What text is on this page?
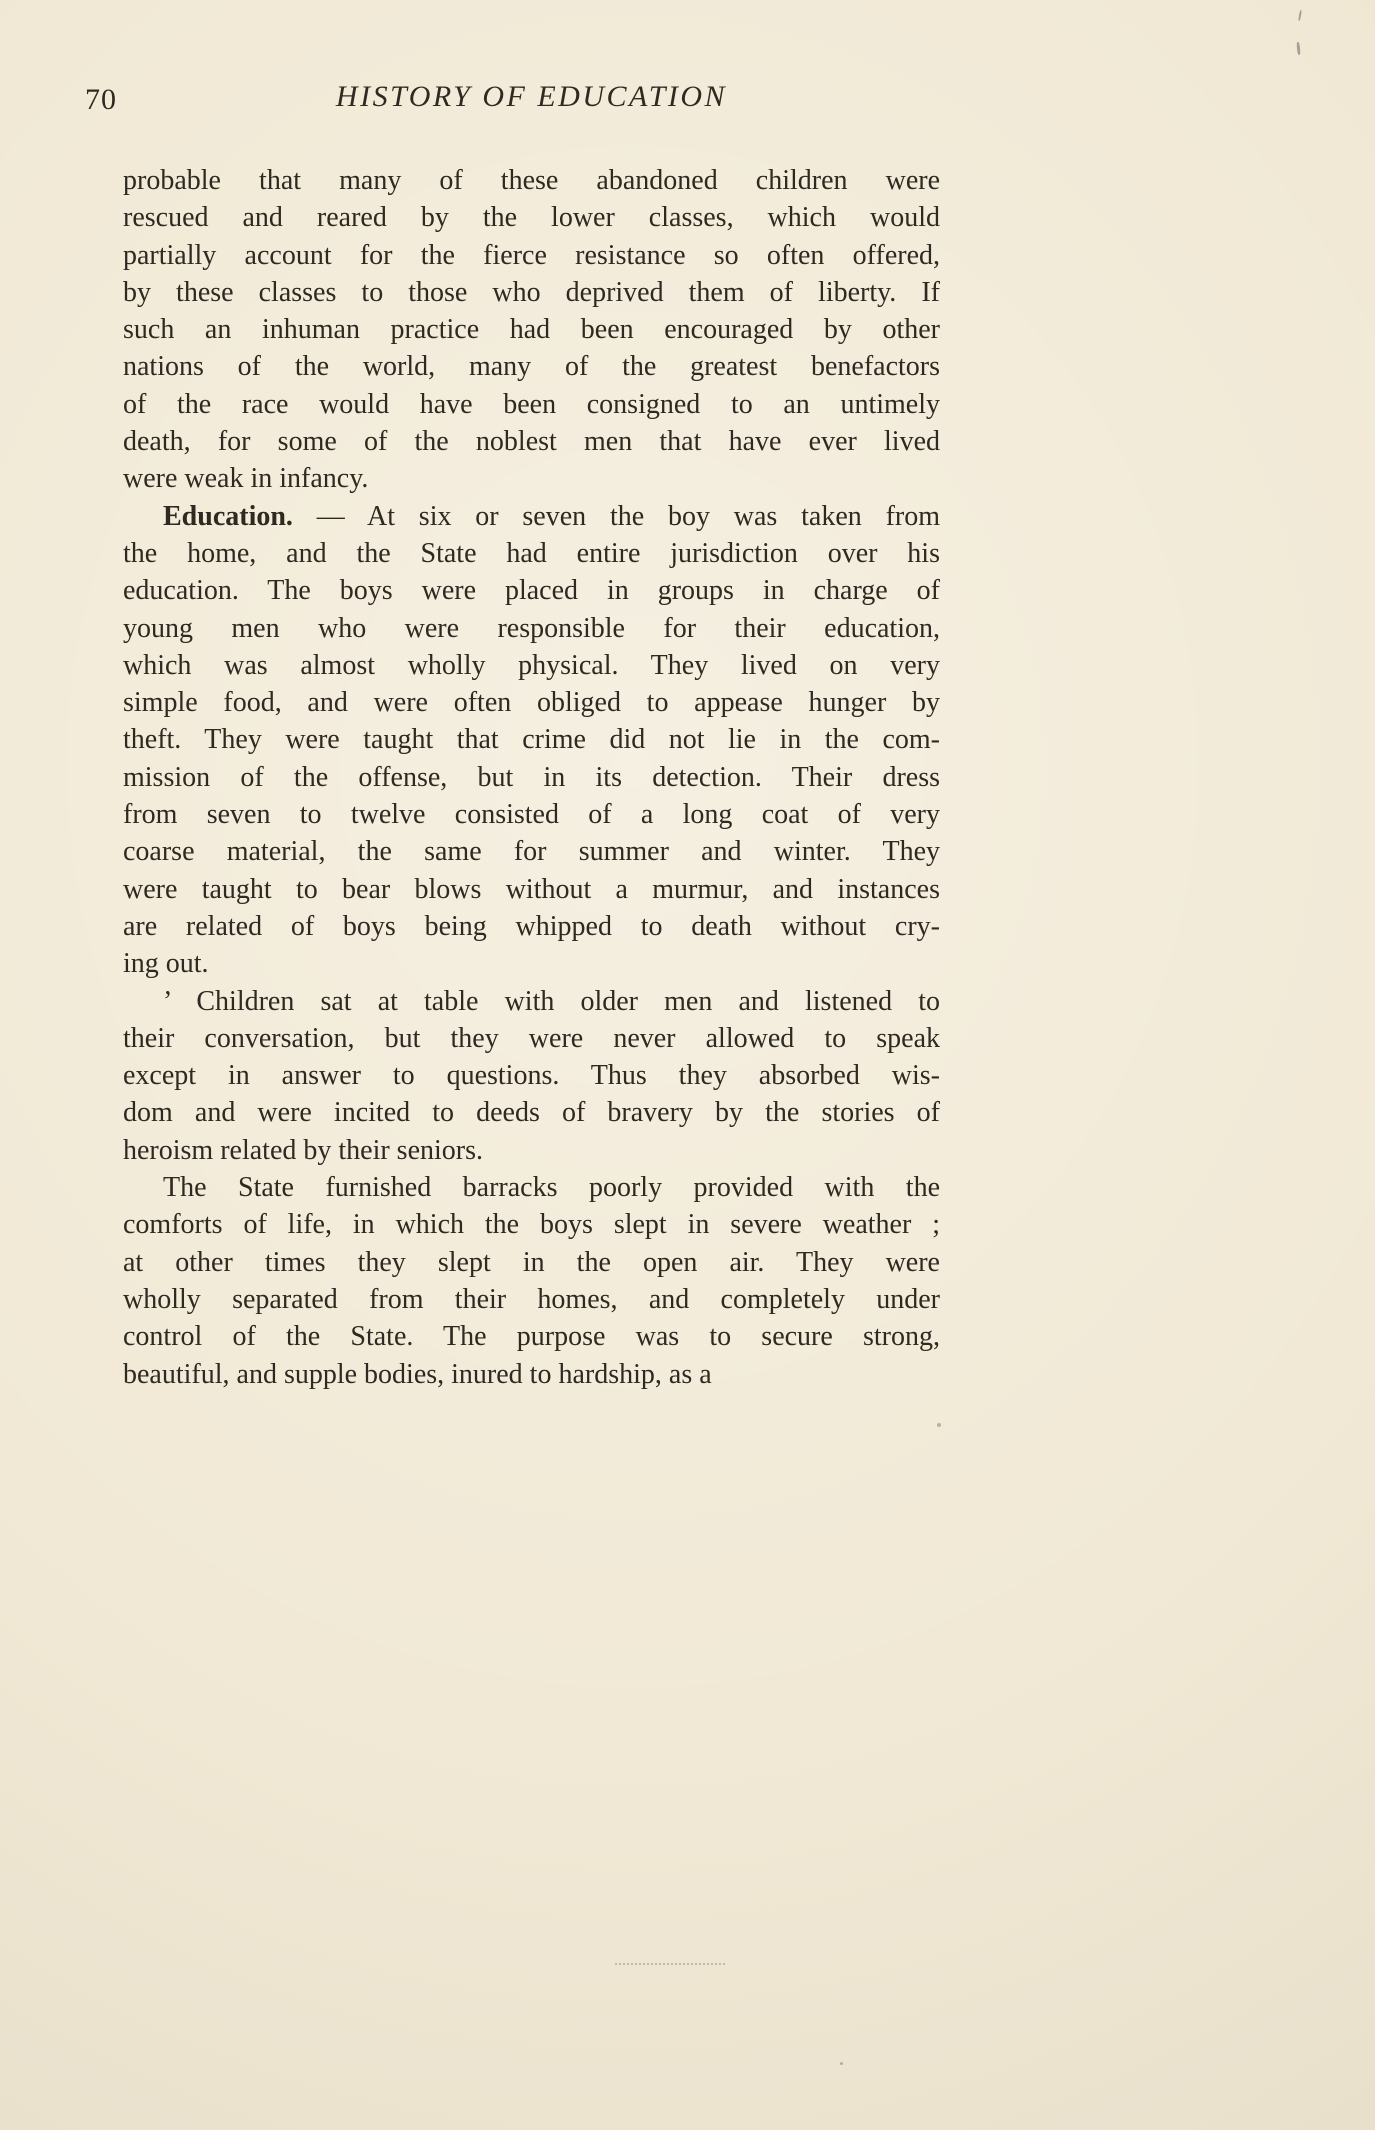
70	HISTORY OF EDUCATION
probable that many of these abandoned children were
rescued and reared by the lower classes, which would
partially account for the fierce resistance so often offered,
by these classes to those who deprived them of liberty. If
such an inhuman practice had been encouraged by other
nations of the world, many of the greatest benefactors
of the race would have been consigned to an untimely
death, for some of the noblest men that have ever lived
were weak in infancy.
Education. — At six or seven the boy was taken from
the home, and the State had entire jurisdiction over his
education. The boys were placed in groups in charge of
young men who were responsible for their education,
which was almost wholly physical. They lived on very
simple food, and were often obliged to appease hunger by
theft. They were taught that crime did not lie in the com-
mission of the offense, but in its detection. Their dress
from seven to twelve consisted of a long coat of very
coarse material, the same for summer and winter. They
were taught to bear blows without a murmur, and instances
are related of boys being whipped to death without cry-
ing out.
’ Children sat at table with older men and listened to
their conversation, but they were never allowed to speak
except in answer to questions. Thus they absorbed wis-
dom and were incited to deeds of bravery by the stories of
heroism related by their seniors.
The State furnished barracks poorly provided with the
comforts of life, in which the boys slept in severe weather ;
at other times they slept in the open air. They were
wholly separated from their homes, and completely under
control of the State. The purpose was to secure strong,
beautiful, and supple bodies, inured to hardship, as a
